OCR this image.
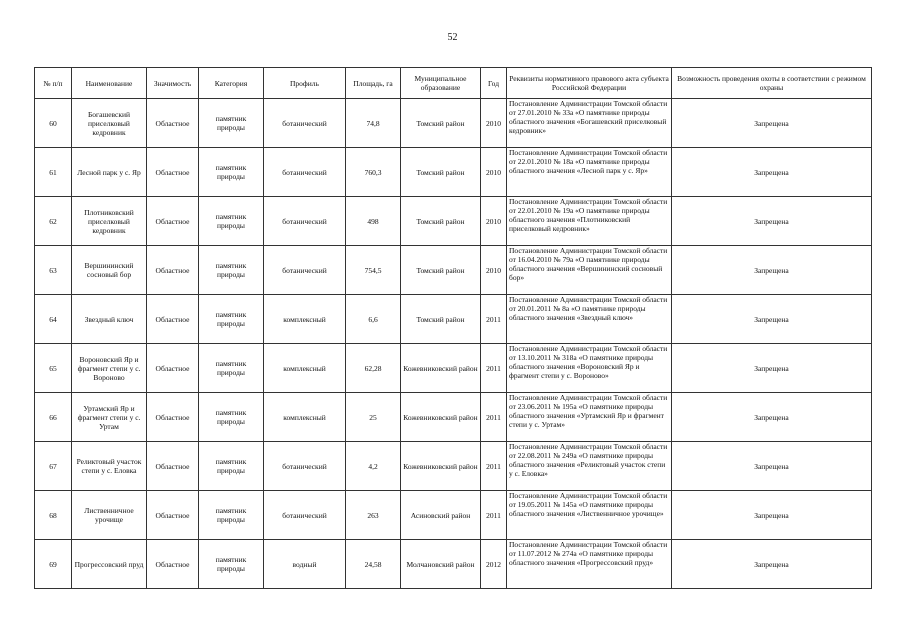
52
№ п/п	Наименование	Значимость	Категория	Профиль	Площадь, га	Муниципальное образование	Год	Реквизиты нормативного правового акта субъекта Российской Федерации	Возможность проведения охоты в соответствии с режимом охраны
60	Богашевский приселковый кедровник	Областное	памятник природы	ботанический	74,8	Томский район	2010	Постановление Администрации Томской области от 27.01.2010 № 33а «О памятнике природы областного значения «Богашевский приселковый кедровник»	Запрещена
61	Лесной парк у с. Яр	Областное	памятник природы	ботанический	760,3	Томский район	2010	Постановление Администрации Томской области от 22.01.2010 № 18а «О памятнике природы областного значения «Лесной парк у с. Яр»	Запрещена
62	Плотниковский приселковый кедровник	Областное	памятник природы	ботанический	498	Томский район	2010	Постановление Администрации Томской области от 22.01.2010 № 19а «О памятнике природы областного значения «Плотниковский приселковый кедровник»	Запрещена
63	Вершининский сосновый бор	Областное	памятник природы	ботанический	754,5	Томский район	2010	Постановление Администрации Томской области от 16.04.2010 № 79а «О памятнике природы областного значения «Вершининский сосновый бор»	Запрещена
64	Звездный ключ	Областное	памятник природы	комплексный	6,6	Томский район	2011	Постановление Администрации Томской области от 20.01.2011 № 8а «О памятнике природы областного значения «Звездный ключ»	Запрещена
65	Вороновский Яр и фрагмент степи у с. Вороново	Областное	памятник природы	комплексный	62,28	Кожевниковский район	2011	Постановление Администрации Томской области от 13.10.2011 № 318а «О памятнике природы областного значения «Вороновский Яр и фрагмент степи у с. Вороново»	Запрещена
66	Уртамский Яр и фрагмент степи у с. Уртам	Областное	памятник природы	комплексный	25	Кожевниковский район	2011	Постановление Администрации Томской области от 23.06.2011 № 195а «О памятнике природы областного значения «Уртамский Яр и фрагмент степи у с. Уртам»	Запрещена
67	Реликтовый участок степи у с. Еловка	Областное	памятник природы	ботанический	4,2	Кожевниковский район	2011	Постановление Администрации Томской области от 22.08.2011 № 249а «О памятнике природы областного значения «Реликтовый участок степи у с. Еловка»	Запрещена
68	Лиственничное урочище	Областное	памятник природы	ботанический	263	Асиновский район	2011	Постановление Администрации Томской области от 19.05.2011 № 145а «О памятнике природы областного значения «Лиственничное урочище»	Запрещена
69	Прогрессовский пруд	Областное	памятник природы	водный	24,58	Молчановский район	2012	Постановление Администрации Томской области от 11.07.2012 № 274а «О памятнике природы областного значения «Прогрессовский пруд»	Запрещена
